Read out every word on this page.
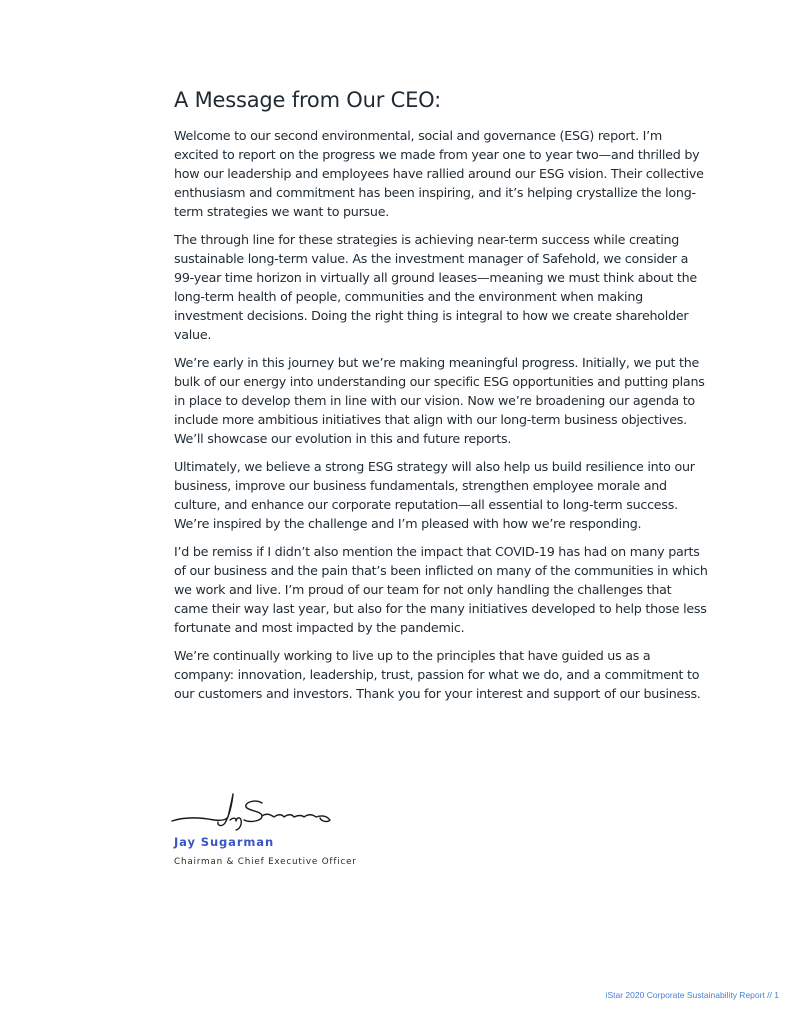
A Message from Our CEO:

Welcome to our second environmental, social and governance (ESG) report. I’m excited to report on the progress we made from year one to year two—and thrilled by how our leadership and employees have rallied around our ESG vision. Their collective enthusiasm and commitment has been inspiring, and it’s helping crystallize the long-term strategies we want to pursue.

The through line for these strategies is achieving near-term success while creating sustainable long-term value. As the investment manager of Safehold, we consider a 99-year time horizon in virtually all ground leases—meaning we must think about the long-term health of people, communities and the environment when making investment decisions. Doing the right thing is integral to how we create shareholder value.

We’re early in this journey but we’re making meaningful progress. Initially, we put the bulk of our energy into understanding our specific ESG opportunities and putting plans in place to develop them in line with our vision. Now we’re broadening our agenda to include more ambitious initiatives that align with our long-term business objectives. We’ll showcase our evolution in this and future reports.

Ultimately, we believe a strong ESG strategy will also help us build resilience into our business, improve our business fundamentals, strengthen employee morale and culture, and enhance our corporate reputation—all essential to long-term success. We’re inspired by the challenge and I’m pleased with how we’re responding.

I’d be remiss if I didn’t also mention the impact that COVID-19 has had on many parts of our business and the pain that’s been inflicted on many of the communities in which we work and live. I’m proud of our team for not only handling the challenges that came their way last year, but also for the many initiatives developed to help those less fortunate and most impacted by the pandemic.

We’re continually working to live up to the principles that have guided us as a company: innovation, leadership, trust, passion for what we do, and a commitment to our customers and investors. Thank you for your interest and support of our business.

Jay Sugarman
Chairman & Chief Executive Officer
iStar 2020 Corporate Sustainability Report // 1
